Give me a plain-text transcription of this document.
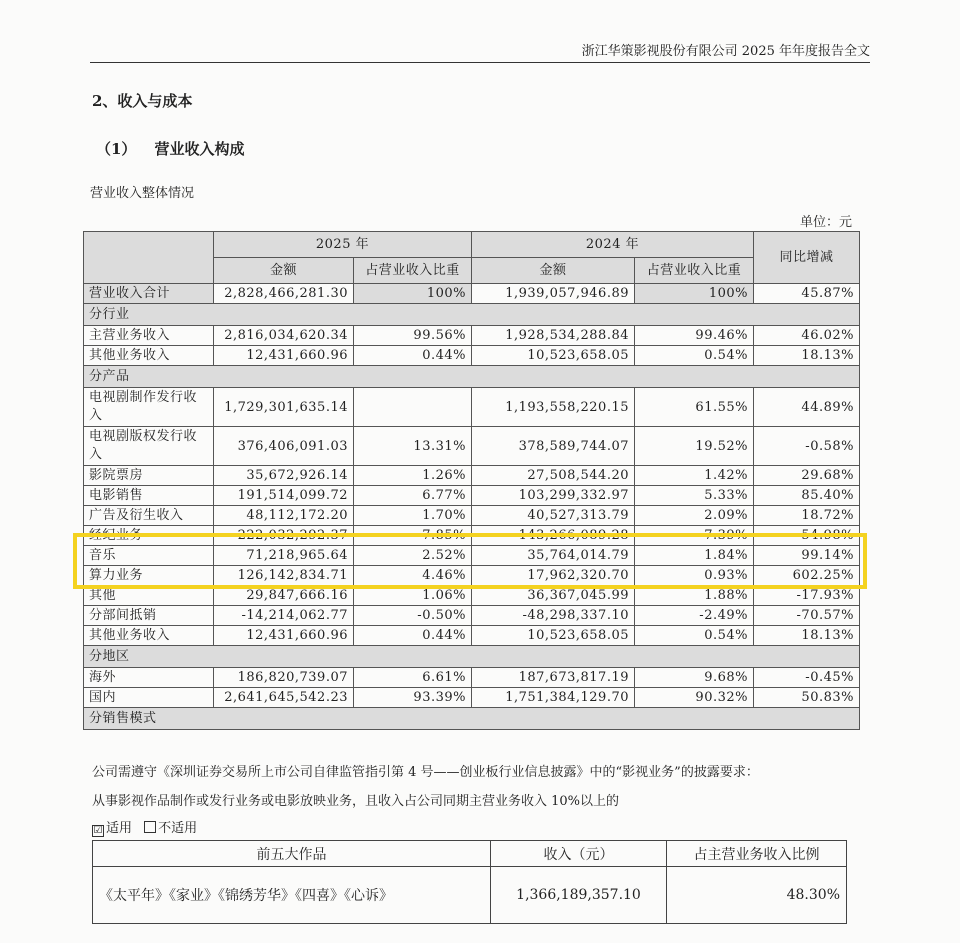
浙江华策影视股份有限公司 2025 年年度报告全文
2、收入与成本
（1） 营业收入构成
营业收入整体情况
单位：元
	2025 年		2024 年		同比增减
	金额	占营业收入比重	金额	占营业收入比重	
营业收入合计	2,828,466,281.30	100%	1,939,057,946.89	100%	45.87%
分行业					
主营业务收入	2,816,034,620.34	99.56%	1,928,534,288.84	99.46%	46.02%
其他业务收入	12,431,660.96	0.44%	10,523,658.05	0.54%	18.13%
分产品					
电视剧制作发行收入	1,729,301,635.14		1,193,558,220.15	61.55%	44.89%
电视剧版权发行收入	376,406,091.03	13.31%	378,589,744.07	19.52%	-0.58%
影院票房	35,672,926.14	1.26%	27,508,544.20	1.42%	29.68%
电影销售	191,514,099.72	6.77%	103,299,332.97	5.33%	85.40%
广告及衍生收入	48,112,172.20	1.70%	40,527,313.79	2.09%	18.72%
经纪业务	222,032,292.37	7.85%	143,266,089.28	7.39%	54.98%
音乐	71,218,965.64	2.52%	35,764,014.79	1.84%	99.14%
算力业务	126,142,834.71	4.46%	17,962,320.70	0.93%	602.25%
其他	29,847,666.16	1.06%	36,367,045.99	1.88%	-17.93%
分部间抵销	-14,214,062.77	-0.50%	-48,298,337.10	-2.49%	-70.57%
其他业务收入	12,431,660.96	0.44%	10,523,658.05	0.54%	18.13%
分地区					
海外	186,820,739.07	6.61%	187,673,817.19	9.68%	-0.45%
国内	2,641,645,542.23	93.39%	1,751,384,129.70	90.32%	50.83%
分销售模式					
公司需遵守《深圳证券交易所上市公司自律监管指引第 4 号——创业板行业信息披露》中的“影视业务”的披露要求：
从事影视作品制作或发行业务或电影放映业务，且收入占公司同期主营业务收入 10%以上的
☑ 适用 不适用
前五大作品	收入（元）	占主营业务收入比例
《太平年》《家业》《锦绣芳华》《四喜》《心诉》	1,366,189,357.10	48.30%
